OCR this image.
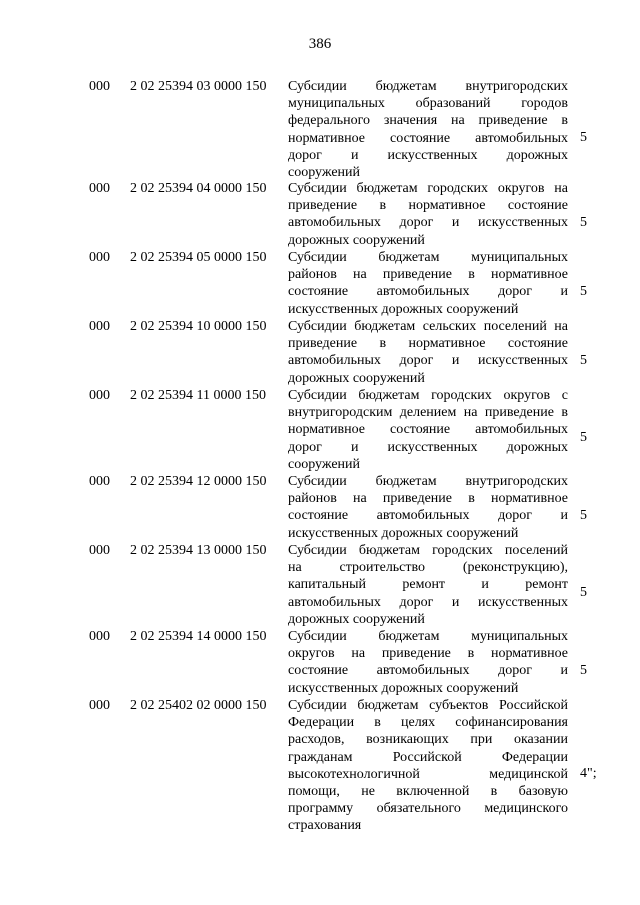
386
000 2 02 25394 03 0000 150 Субсидии бюджетам внутригородских
муниципальных образований городов
федерального значения на приведение в
нормативное состояние автомобильных
дорог и искусственных дорожных
сооружений
5
000 2 02 25394 04 0000 150 Субсидии бюджетам городских округов на
приведение в нормативное состояние
автомобильных дорог и искусственных
дорожных сооружений
5
000 2 02 25394 05 0000 150 Субсидии бюджетам муниципальных
районов на приведение в нормативное
состояние автомобильных дорог и
искусственных дорожных сооружений
5
000 2 02 25394 10 0000 150 Субсидии бюджетам сельских поселений на
приведение в нормативное состояние
автомобильных дорог и искусственных
дорожных сооружений
5
000 2 02 25394 11 0000 150 Субсидии бюджетам городских округов с
внутригородским делением на приведение в
нормативное состояние автомобильных
дорог и искусственных дорожных
сооружений
5
000 2 02 25394 12 0000 150 Субсидии бюджетам внутригородских
районов на приведение в нормативное
состояние автомобильных дорог и
искусственных дорожных сооружений
5
000 2 02 25394 13 0000 150 Субсидии бюджетам городских поселений
на строительство (реконструкцию),
капитальный ремонт и ремонт
автомобильных дорог и искусственных
дорожных сооружений
5
000 2 02 25394 14 0000 150 Субсидии бюджетам муниципальных
округов на приведение в нормативное
состояние автомобильных дорог и
искусственных дорожных сооружений
5
000 2 02 25402 02 0000 150 Субсидии бюджетам субъектов Российской
Федерации в целях софинансирования
расходов, возникающих при оказании
гражданам Российской Федерации
высокотехнологичной медицинской
помощи, не включенной в базовую
программу обязательного медицинского
страхования
4";
